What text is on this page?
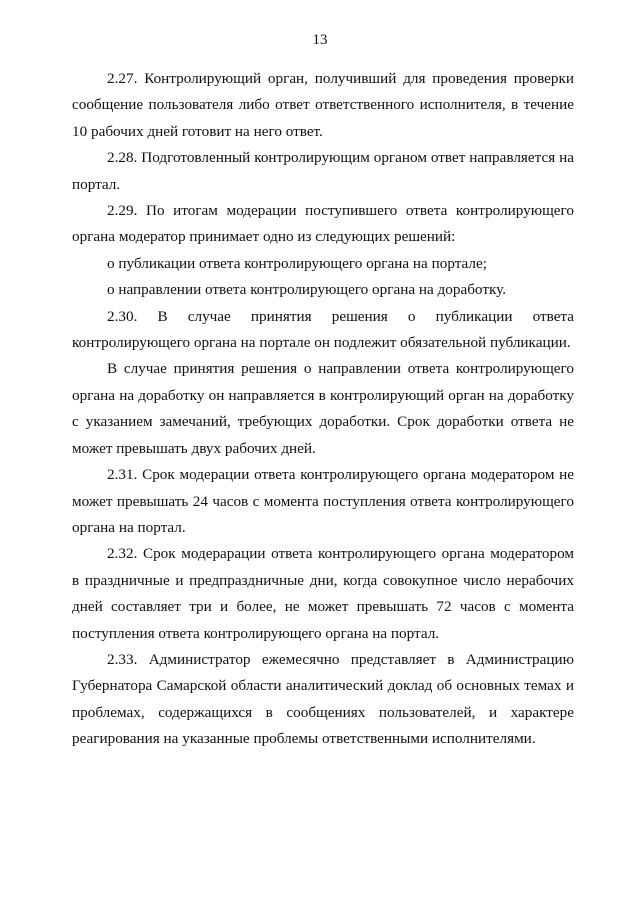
13

2.27. Контролирующий орган, получивший для проведения проверки сообщение пользователя либо ответ ответственного исполнителя, в течение 10 рабочих дней готовит на него ответ.

2.28. Подготовленный контролирующим органом ответ направляется на портал.

2.29. По итогам модерации поступившего ответа контролирующего органа модератор принимает одно из следующих решений:

о публикации ответа контролирующего органа на портале;

о направлении ответа контролирующего органа на доработку.

2.30. В случае принятия решения о публикации ответа контролирующего органа на портале он подлежит обязательной публикации.

В случае принятия решения о направлении ответа контролирующего органа на доработку он направляется в контролирующий орган на доработку с указанием замечаний, требующих доработки. Срок доработки ответа не может превышать двух рабочих дней.

2.31. Срок модерации ответа контролирующего органа модератором не может превышать 24 часов с момента поступления ответа контролирующего органа на портал.

2.32. Срок модерарации ответа контролирующего органа модератором в праздничные и предпраздничные дни, когда совокупное число нерабочих дней составляет три и более, не может превышать 72 часов с момента поступления ответа контролирующего органа на портал.

2.33. Администратор ежемесячно представляет в Администрацию Губернатора Самарской области аналитический доклад об основных темах и проблемах, содержащихся в сообщениях пользователей, и характере реагирования на указанные проблемы ответственными исполнителями.
